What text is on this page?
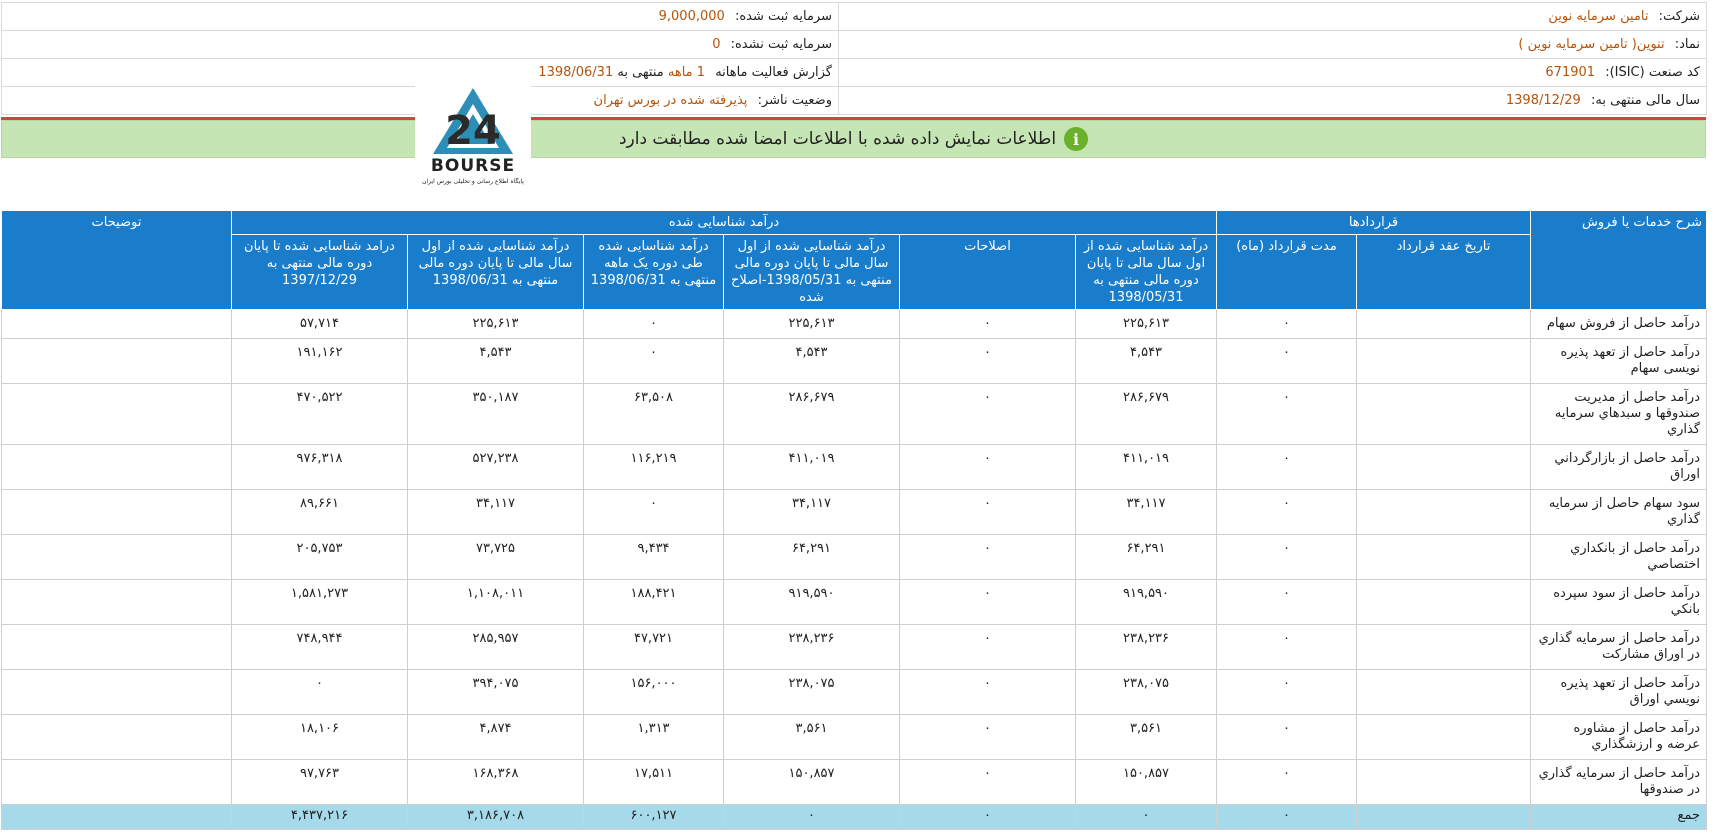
شرکت: تامین سرمایه نوین	سرمایه ثبت شده: 9,000,000
نماد: تنوین( تامین سرمایه نوین )	سرمایه ثبت نشده: 0
کد صنعت (ISIC): 671901	گزارش فعالیت ماهانه 1 ماهه منتهی به 1398/06/31
سال مالی منتهی به: 1398/12/29	وضعیت ناشر: پذیرفته شده در بورس تهران
i
اطلاعات نمایش داده شده با اطلاعات امضا شده مطابقت دارد
24
BOURSE
پایگاه اطلاع رسانی و تحلیلی بورس ایران
شرح خدمات یا فروش	قراردادها		درآمد شناسایی شده						توضیحات
	تاریخ عقد قرارداد	مدت قرارداد (ماه)	درآمد شناسایی شده از اول سال مالی تا پایان دوره مالی منتهی به 1398/05/31	اصلاحات	درآمد شناسایی شده از اول سال مالی تا پایان دوره مالی منتهی به 1398/05/31-اصلاح شده	درآمد شناسایی شده طی دوره یک ماهه منتهی به 1398/06/31	درآمد شناسایی شده از اول سال مالی تا پایان دوره مالی منتهی به 1398/06/31	درامد شناسایی شده تا پایان دوره مالی منتهی به 1397/12/29	
درآمد حاصل از فروش سهام		۰	۲۲۵,۶۱۳	۰	۲۲۵,۶۱۳	۰	۲۲۵,۶۱۳	۵۷,۷۱۴	
درآمد حاصل از تعهد پذیره نویسی سهام		۰	۴,۵۴۳	۰	۴,۵۴۳	۰	۴,۵۴۳	۱۹۱,۱۶۲	
درآمد حاصل از مديريت صندوقها و سبدهاي سرمايه گذاري		۰	۲۸۶,۶۷۹	۰	۲۸۶,۶۷۹	۶۳,۵۰۸	۳۵۰,۱۸۷	۴۷۰,۵۲۲	
درآمد حاصل از بازارگرداني اوراق		۰	۴۱۱,۰۱۹	۰	۴۱۱,۰۱۹	۱۱۶,۲۱۹	۵۲۷,۲۳۸	۹۷۶,۳۱۸	
سود سهام حاصل از سرمايه گذاري		۰	۳۴,۱۱۷	۰	۳۴,۱۱۷	۰	۳۴,۱۱۷	۸۹,۶۶۱	
درآمد حاصل از بانكداري اختصاصي		۰	۶۴,۲۹۱	۰	۶۴,۲۹۱	۹,۴۳۴	۷۳,۷۲۵	۲۰۵,۷۵۳	
درآمد حاصل از سود سپرده بانكي		۰	۹۱۹,۵۹۰	۰	۹۱۹,۵۹۰	۱۸۸,۴۲۱	۱,۱۰۸,۰۱۱	۱,۵۸۱,۲۷۳	
درآمد حاصل از سرمايه گذاري در اوراق مشاركت		۰	۲۳۸,۲۳۶	۰	۲۳۸,۲۳۶	۴۷,۷۲۱	۲۸۵,۹۵۷	۷۴۸,۹۴۴	
درآمد حاصل از تعهد پذيره نويسي اوراق		۰	۲۳۸,۰۷۵	۰	۲۳۸,۰۷۵	۱۵۶,۰۰۰	۳۹۴,۰۷۵	۰	
درآمد حاصل از مشاوره عرضه و ارزشگذاري		۰	۳,۵۶۱	۰	۳,۵۶۱	۱,۳۱۳	۴,۸۷۴	۱۸,۱۰۶	
درآمد حاصل از سرمايه گذاري در صندوقها		۰	۱۵۰,۸۵۷	۰	۱۵۰,۸۵۷	۱۷,۵۱۱	۱۶۸,۳۶۸	۹۷,۷۶۳	
جمع		۰	۰	۰	۰	۶۰۰,۱۲۷	۳,۱۸۶,۷۰۸	۴,۴۳۷,۲۱۶	
